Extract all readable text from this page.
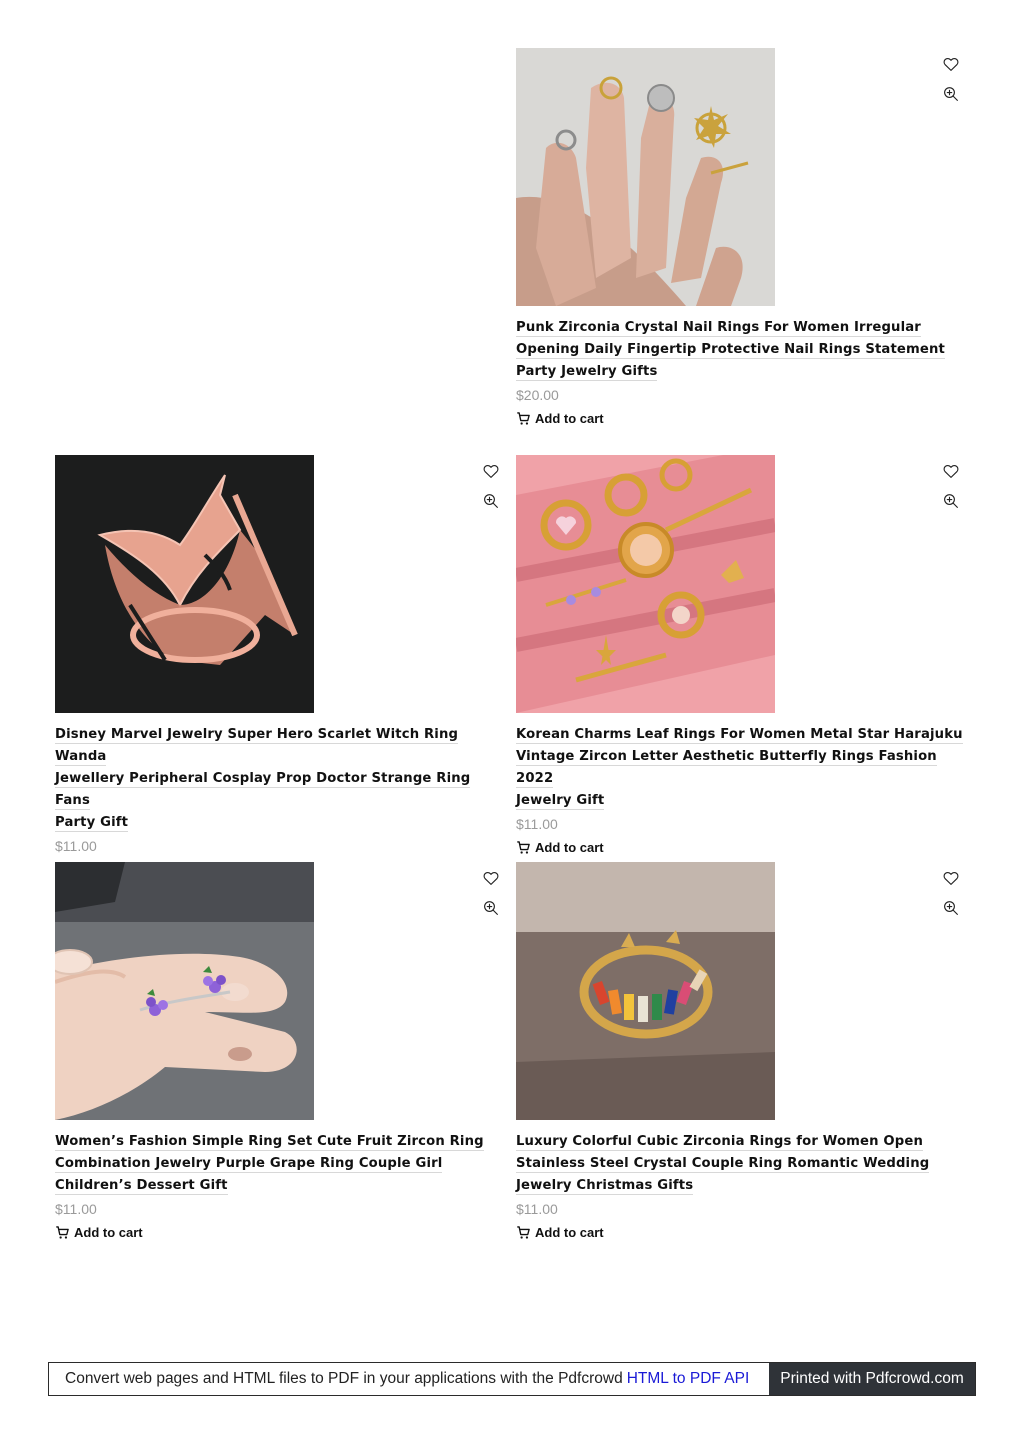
Punk Zirconia Crystal Nail Rings For Women Irregular
Opening Daily Fingertip Protective Nail Rings Statement
Party Jewelry Gifts
$20.00
Add to cart
Disney Marvel Jewelry Super Hero Scarlet Witch Ring Wanda
Jewellery Peripheral Cosplay Prop Doctor Strange Ring Fans
Party Gift
$11.00
Korean Charms Leaf Rings For Women Metal Star Harajuku
Vintage Zircon Letter Aesthetic Butterfly Rings Fashion 2022
Jewelry Gift
$11.00
Add to cart
Women’s Fashion Simple Ring Set Cute Fruit Zircon Ring
Combination Jewelry Purple Grape Ring Couple Girl
Children’s Dessert Gift
$11.00
Add to cart
Luxury Colorful Cubic Zirconia Rings for Women Open
Stainless Steel Crystal Couple Ring Romantic Wedding
Jewelry Christmas Gifts
$11.00
Add to cart
Convert web pages and HTML files to PDF in your applications with the Pdfcrowd HTML to PDF API	Printed with Pdfcrowd.com
